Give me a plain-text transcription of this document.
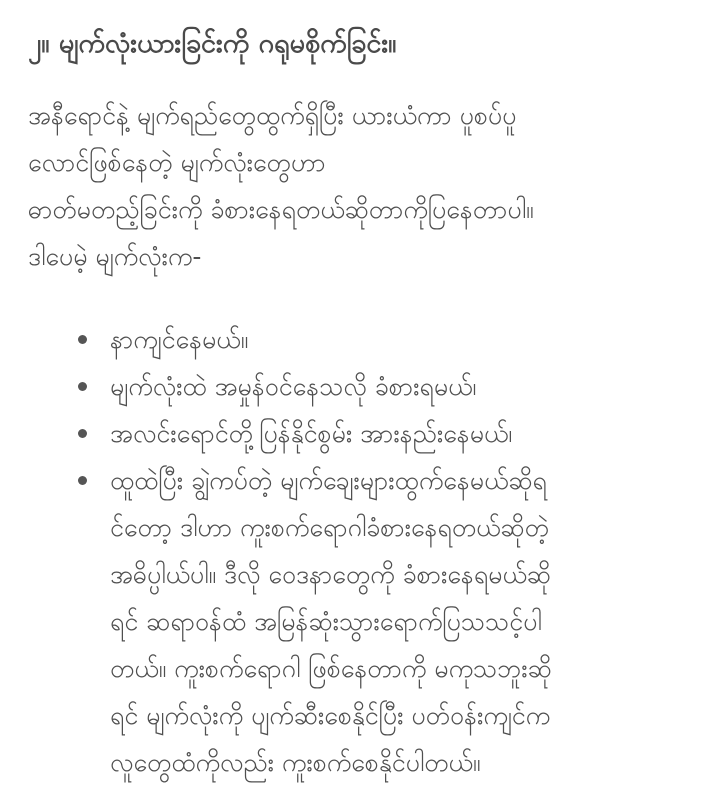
၂။ မျက်လုံးယားခြင်းကို ဂရုမစိုက်ခြင်း။

အနီရောင်နဲ့ မျက်ရည်တွေထွက်ရှိပြီး ယားယံကာ ပူစပ်ပူ
လောင်ဖြစ်နေတဲ့ မျက်လုံးတွေဟာ
ဓာတ်မတည့်ခြင်းကို ခံစားနေရတယ်ဆိုတာကိုပြနေတာပါ။
ဒါပေမဲ့ မျက်လုံးက-

နာကျင်နေမယ်။
မျက်လုံးထဲ အမှုန်ဝင်နေသလို ခံစားရမယ်၊
အလင်းရောင်တို့ပြန်နိုင်စွမ်း အားနည်းနေမယ်၊
ထူထဲပြီး ချွဲကပ်တဲ့ မျက်ချေးများထွက်နေမယ်ဆိုရ
င်တော့ ဒါဟာ ကူးစက်ရောဂါခံစားနေရတယ်ဆိုတဲ့
အဓိပ္ပါယ်ပါ။ ဒီလို ဝေဒနာတွေကို ခံစားနေရမယ်ဆို
ရင် ဆရာဝန်ထံ အမြန်ဆုံးသွားရောက်ပြသသင့်ပါ
တယ်။ ကူးစက်ရောဂါ ဖြစ်နေတာကို မကုသဘူးဆို
ရင် မျက်လုံးကို ပျက်ဆီးစေနိုင်ပြီး ပတ်ဝန်းကျင်က
လူတွေထံကိုလည်း ကူးစက်စေနိုင်ပါတယ်။
